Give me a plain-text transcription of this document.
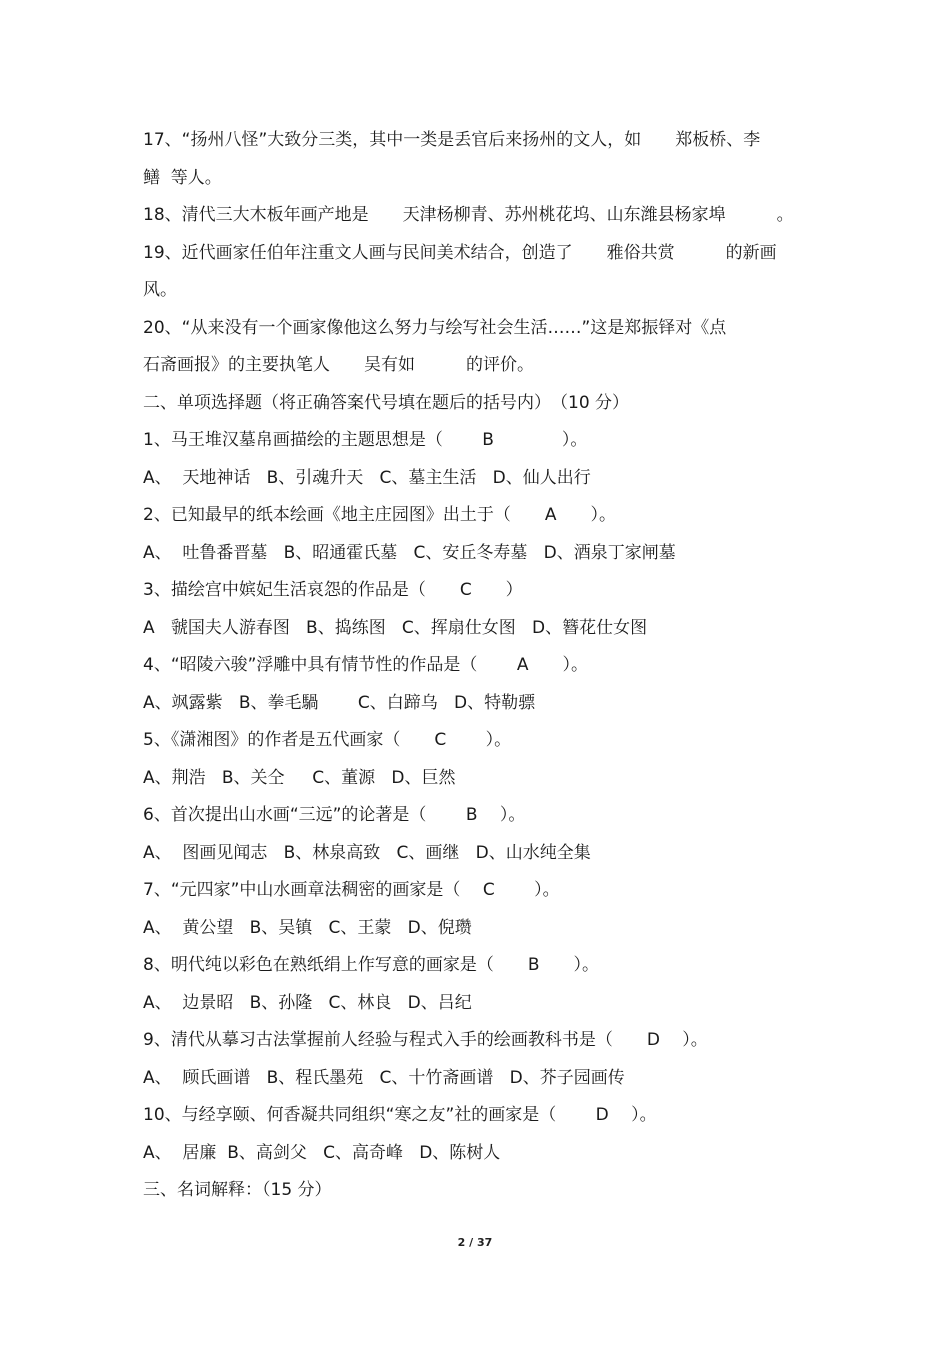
17、“扬州八怪”大致分三类，其中一类是丢官后来扬州的文人，如　　郑板桥、李
鳝  等人。
18、清代三大木板年画产地是　　天津杨柳青、苏州桃花坞、山东潍县杨家埠　　　。
19、近代画家任伯年注重文人画与民间美术结合，创造了　　雅俗共赏　　　的新画
风。
20、“从来没有一个画家像他这么努力与绘写社会生活……”这是郑振铎对《点
石斋画报》的主要执笔人　　吴有如　　　的评价。
二、单项选择题（将正确答案代号填在题后的括号内）　（10 分）
1、马王堆汉墓帛画描绘的主题思想是（　　 B　　　　）。
A、  天地神话   B、引魂升天   C、墓主生活   D、仙人出行
2、已知最早的纸本绘画《地主庄园图》出土于（　　A　　）。
A、  吐鲁番晋墓   B、昭通霍氏墓   C、安丘冬寿墓   D、酒泉丁家闸墓
3、描绘宫中嫔妃生活哀怨的作品是（　　C　　）
A   虢国夫人游春图   B、捣练图   C、挥扇仕女图   D、簪花仕女图
4、“昭陵六骏”浮雕中具有情节性的作品是（　　 A　　）。
A、飒露紫   B、拳毛騧　　 C、白蹄乌   D、特勒骠
5、《潇湘图》的作者是五代画家（　　C　　 ）。
A、荆浩   B、关仝　  C、董源   D、巨然
6、首次提出山水画“三远”的论著是（　　 B　 ）。
A、  图画见闻志   B、林泉高致   C、画继   D、山水纯全集
7、“元四家”中山水画章法稠密的画家是（　 C　　 ）。
A、  黄公望   B、吴镇   C、王蒙   D、倪瓒
8、明代纯以彩色在熟纸绢上作写意的画家是（　　B　　）。
A、  边景昭   B、孙隆   C、林良   D、吕纪
9、清代从摹习古法掌握前人经验与程式入手的绘画教科书是（　　D　 ）。
A、  顾氏画谱   B、程氏墨苑   C、十竹斋画谱   D、芥子园画传
10、与经享颐、何香凝共同组织“寒之友”社的画家是（　　 D　 ）。
A、  居廉  B、高剑父   C、高奇峰   D、陈树人
三、名词解释：（15 分）
2 / 37
